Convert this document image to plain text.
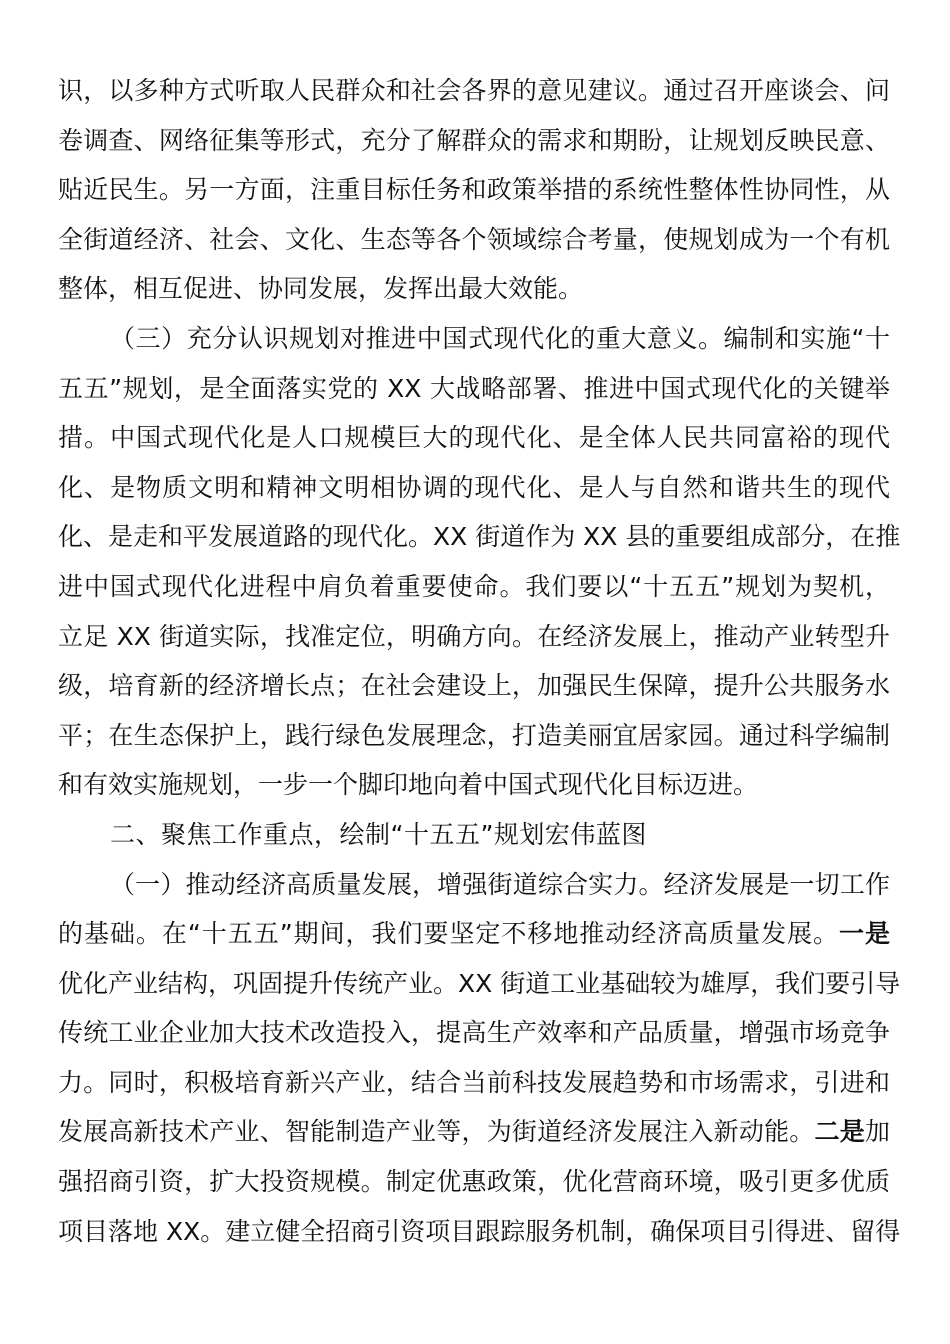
识，以多种方式听取人民群众和社会各界的意见建议。通过召开座谈会、问
卷调查、网络征集等形式，充分了解群众的需求和期盼，让规划反映民意、
贴近民生。另一方面，注重目标任务和政策举措的系统性整体性协同性，从
全街道经济、社会、文化、生态等各个领域综合考量，使规划成为一个有机
整体，相互促进、协同发展，发挥出最大效能。
（三）充分认识规划对推进中国式现代化的重大意义。编制和实施“十
五五”规划，是全面落实党的 XX 大战略部署、推进中国式现代化的关键举
措。中国式现代化是人口规模巨大的现代化、是全体人民共同富裕的现代
化、是物质文明和精神文明相协调的现代化、是人与自然和谐共生的现代
化、是走和平发展道路的现代化。XX 街道作为 XX 县的重要组成部分，在推
进中国式现代化进程中肩负着重要使命。我们要以“十五五”规划为契机，
立足 XX 街道实际，找准定位，明确方向。在经济发展上，推动产业转型升
级，培育新的经济增长点；在社会建设上，加强民生保障，提升公共服务水
平；在生态保护上，践行绿色发展理念，打造美丽宜居家园。通过科学编制
和有效实施规划，一步一个脚印地向着中国式现代化目标迈进。
二、聚焦工作重点，绘制“十五五”规划宏伟蓝图
（一）推动经济高质量发展，增强街道综合实力。经济发展是一切工作
的基础。在“十五五”期间，我们要坚定不移地推动经济高质量发展。一是
优化产业结构，巩固提升传统产业。XX 街道工业基础较为雄厚，我们要引导
传统工业企业加大技术改造投入，提高生产效率和产品质量，增强市场竞争
力。同时，积极培育新兴产业，结合当前科技发展趋势和市场需求，引进和
发展高新技术产业、智能制造产业等，为街道经济发展注入新动能。二是加
强招商引资，扩大投资规模。制定优惠政策，优化营商环境，吸引更多优质
项目落地 XX。建立健全招商引资项目跟踪服务机制，确保项目引得进、留得
